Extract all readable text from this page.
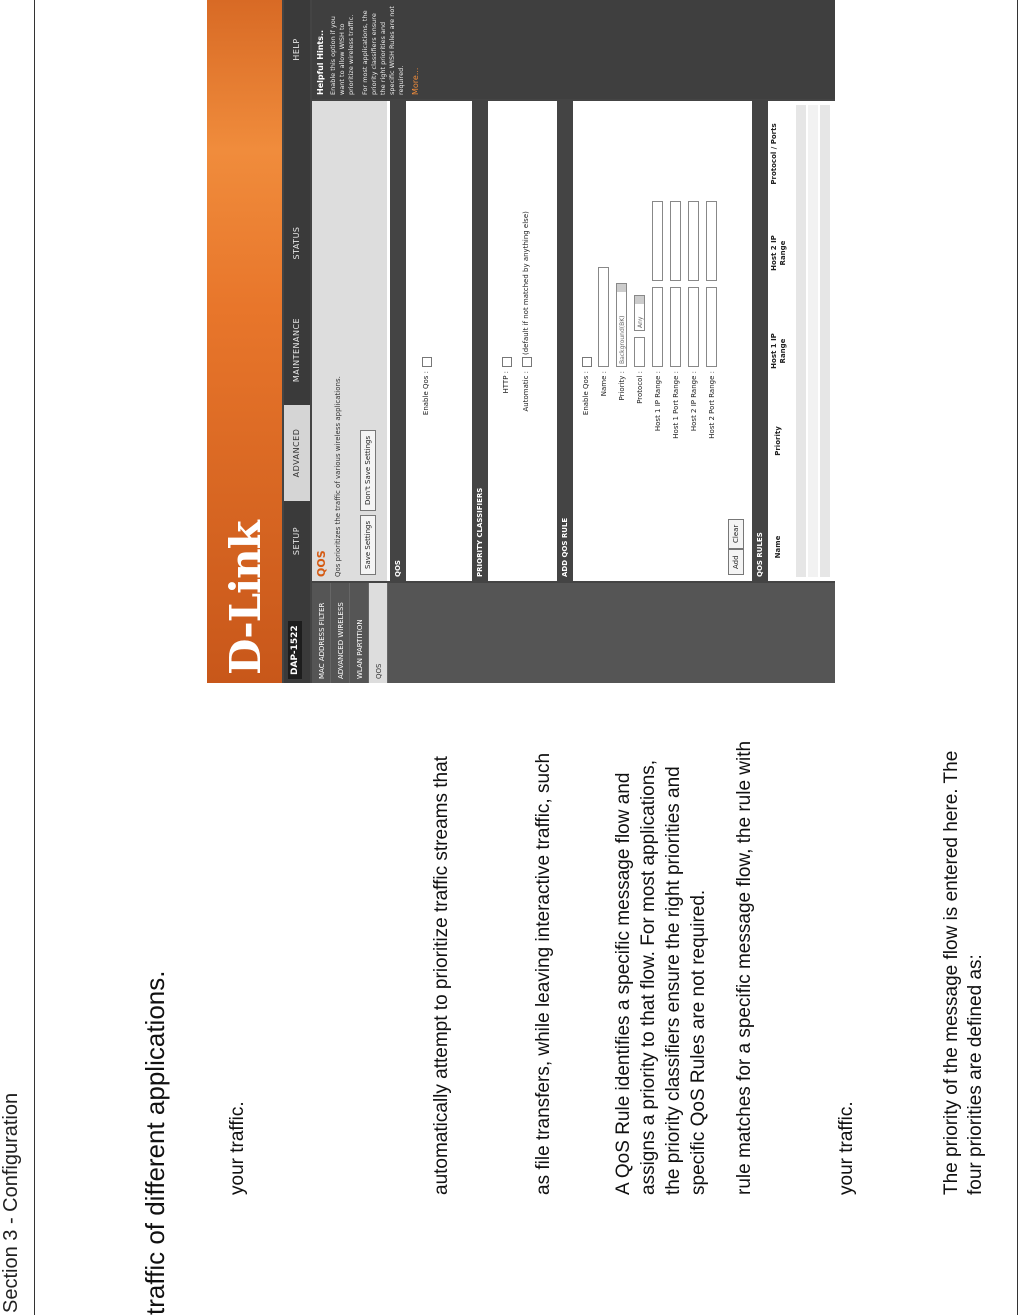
Section 3 - Configuration	traffic of different applications.	your traffic.	automatically attempt to prioritize traffic streams that	as file transfers, while leaving interactive traffic, such	A QoS Rule identifies a specific message flow and assigns a priority to that flow. For most applications, the priority classifiers ensure the right priorities and specific QoS Rules are not required. rule matches for a specific message flow, the rule with	your traffic.	The priority of the message flow is entered here. The four priorities are defined as:
D-Link DAP-1522
SETUP
ADVANCED
MAINTENANCE
STATUS
HELP
MAC ADDRESS FILTER	ADVANCED WIRELESS	WLAN PARTITION	QOS
QOS Qos prioritizes the traffic of various wireless applications.	Save Settings
Don't Save Settings
QOS
Enable Qos :
PRIORITY CLASSIFIERS
HTTP : Automatic :
(default if not matched by anything else)
ADD QOS RULE
Enable Qos : Name : Priority :
Background(BK)
Protocol :
Any
Host 1 IP Range : Host 1 Port Range : Host 2 IP Range : Host 2 Port Range :
Add
Clear	QOS RULES	Name
Priority
Host 1 IP Range
Host 2 IP Range
Protocol / Ports
Helpful Hints.. Enable this option if you want to allow WISH to prioritize wireless traffic. For most applications, the priority classifiers ensure the right priorities and specific WISH Rules are not required. More...
